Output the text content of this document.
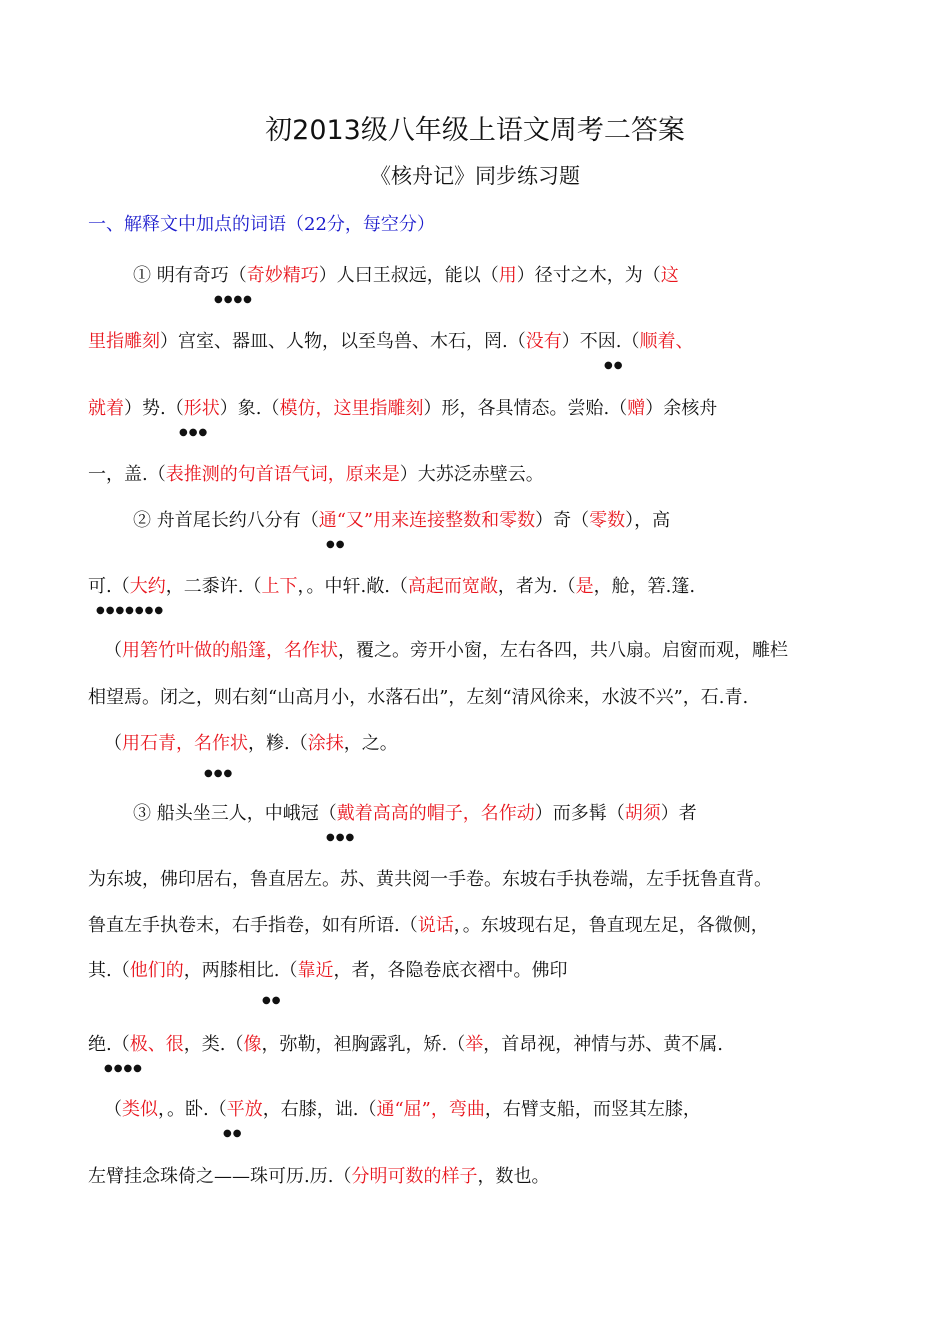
初2013级八年级上语文周考二答案
《核舟记》同步练习题
一、解释文中加点的词语（22分，每空分）
① 明有奇巧（奇妙精巧）人曰王叔远，能以（用）径寸之木，为（这
里指雕刻）宫室、器皿、人物，以至鸟兽、木石，罔.（没有）不因.（顺着、
就着）势.（形状）象.（模仿，这里指雕刻）形，各具情态。尝贻.（赠）余核舟
一，盖.（表推测的句首语气词，原来是）大苏泛赤壁云。
② 舟首尾长约八分有（通“又”用来连接整数和零数）奇（零数），高
可.（大约，二黍许.（上下，。中轩.敞.（高起而宽敞，者为.（是，舱，箬.篷.
（用箬竹叶做的船篷，名作状，覆之。旁开小窗，左右各四，共八扇。启窗而观，雕栏
相望焉。闭之，则右刻“山高月小，水落石出”，左刻“清风徐来，水波不兴”，石.青.
（用石青，名作状，糁.（涂抹，之。
③ 船头坐三人，中峨冠（戴着高高的帽子，名作动）而多髯（胡须）者
为东坡，佛印居右，鲁直居左。苏、黄共阅一手卷。东坡右手执卷端，左手抚鲁直背。
鲁直左手执卷末，右手指卷，如有所语.（说话，。东坡现右足，鲁直现左足，各微侧，
其.（他们的，两膝相比.（靠近，者，各隐卷底衣褶中。佛印
绝.（极、很，类.（像，弥勒，袒胸露乳，矫.（举，首昂视，神情与苏、黄不属.
（类似，。卧.（平放，右膝，诎.（通“屈”，弯曲，右臂支船，而竖其左膝，
左臂挂念珠倚之——珠可历.历.（分明可数的样子，数也。
●●●●
●●
●●●
●●
●●●●●●●
●●●
●●●
●●
●●●●
●●
